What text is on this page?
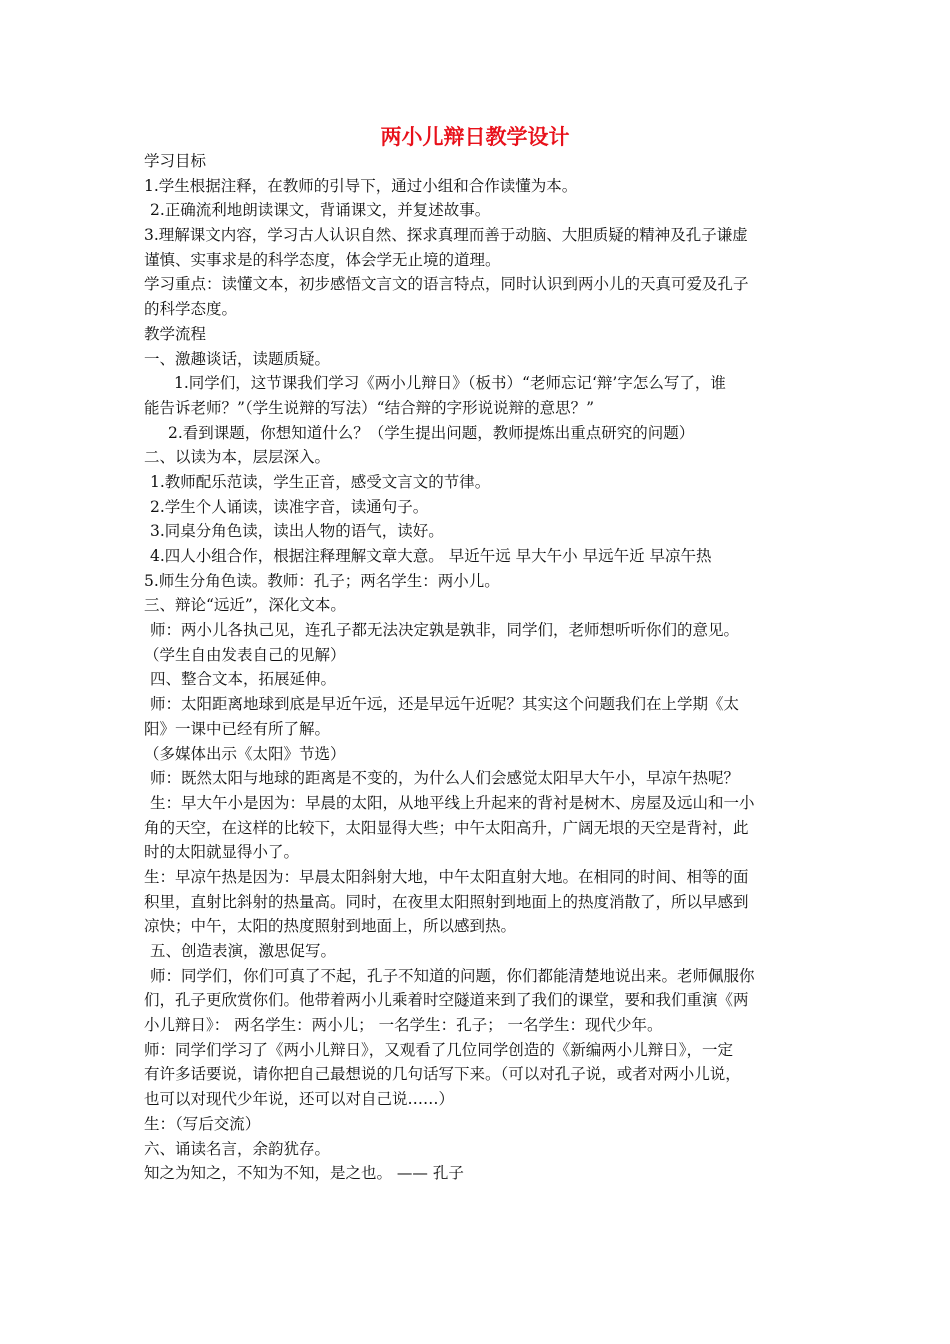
两小儿辩日教学设计
学习目标
1.学生根据注释，在教师的引导下，通过小组和合作读懂为本。
2.正确流利地朗读课文，背诵课文，并复述故事。
3.理解课文内容，学习古人认识自然、探求真理而善于动脑、大胆质疑的精神及孔子谦虚
谨慎、实事求是的科学态度，体会学无止境的道理。
学习重点：读懂文本，初步感悟文言文的语言特点，同时认识到两小儿的天真可爱及孔子
的科学态度。
教学流程
一、激趣谈话，读题质疑。
1.同学们，这节课我们学习《两小儿辩日》（板书）“老师忘记‘辩’字怎么写了，谁
能告诉老师？”（学生说辩的写法）“结合辩的字形说说辩的意思？”
2.看到课题，你想知道什么？（学生提出问题，教师提炼出重点研究的问题）
二、以读为本，层层深入。
1.教师配乐范读，学生正音，感受文言文的节律。
2.学生个人诵读，读准字音，读通句子。
3.同桌分角色读，读出人物的语气，读好。
4.四人小组合作，根据注释理解文章大意。 早近午远 早大午小 早远午近 早凉午热
5.师生分角色读。教师：孔子；两名学生：两小儿。
三、辩论“远近”，深化文本。
师：两小儿各执己见，连孔子都无法决定孰是孰非，同学们，老师想听听你们的意见。
（学生自由发表自己的见解）
四、整合文本，拓展延伸。
师：太阳距离地球到底是早近午远，还是早远午近呢？其实这个问题我们在上学期《太
阳》一课中已经有所了解。
（多媒体出示《太阳》节选）
师：既然太阳与地球的距离是不变的，为什么人们会感觉太阳早大午小，早凉午热呢？
生：早大午小是因为：早晨的太阳，从地平线上升起来的背衬是树木、房屋及远山和一小
角的天空，在这样的比较下，太阳显得大些；中午太阳高升，广阔无垠的天空是背衬，此
时的太阳就显得小了。
生：早凉午热是因为：早晨太阳斜射大地，中午太阳直射大地。在相同的时间、相等的面
积里，直射比斜射的热量高。同时，在夜里太阳照射到地面上的热度消散了，所以早感到
凉快；中午，太阳的热度照射到地面上，所以感到热。
五、创造表演，激思促写。
师：同学们，你们可真了不起，孔子不知道的问题，你们都能清楚地说出来。老师佩服你
们，孔子更欣赏你们。他带着两小儿乘着时空隧道来到了我们的课堂，要和我们重演《两
小儿辩日》： 两名学生：两小儿； 一名学生：孔子； 一名学生：现代少年。
师：同学们学习了《两小儿辩日》，又观看了几位同学创造的《新编两小儿辩日》，一定
有许多话要说，请你把自己最想说的几句话写下来。（可以对孔子说，或者对两小儿说，
也可以对现代少年说，还可以对自己说……）
生：（写后交流）
六、诵读名言，余韵犹存。
知之为知之，不知为不知，是之也。 —— 孔子
